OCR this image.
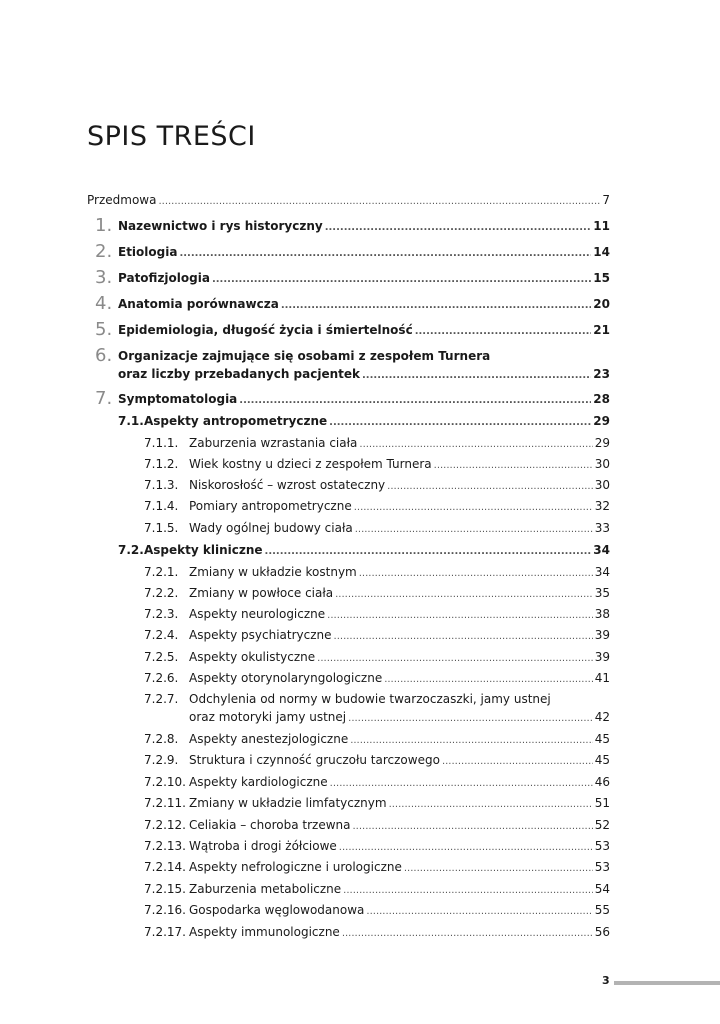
SPIS TREŚCI
Przedmowa .....	7
1. Nazewnictwo i rys historyczny .....	11
2. Etiologia .....	14
3. Patofizjologia .....	15
4. Anatomia porównawcza .....	20
5. Epidemiologia, długość życia i śmiertelność .....	21
6. Organizacje zajmujące się osobami z zespołem Turnera
oraz liczby przebadanych pacjentek .....	23
7. Symptomatologia .....	28
7.1. Aspekty antropometryczne .....	29
7.1.1. Zaburzenia wzrastania ciała .....	29
7.1.2. Wiek kostny u dzieci z zespołem Turnera .....	30
7.1.3. Niskorosłość – wzrost ostateczny .....	30
7.1.4. Pomiary antropometryczne .....	32
7.1.5. Wady ogólnej budowy ciała .....	33
7.2. Aspekty kliniczne .....	34
7.2.1. Zmiany w układzie kostnym .....	34
7.2.2. Zmiany w powłoce ciała .....	35
7.2.3. Aspekty neurologiczne .....	38
7.2.4. Aspekty psychiatryczne .....	39
7.2.5. Aspekty okulistyczne .....	39
7.2.6. Aspekty otorynolaryngologiczne .....	41
7.2.7. Odchylenia od normy w budowie twarzoczaszki, jamy ustnej
oraz motoryki jamy ustnej .....	42
7.2.8. Aspekty anestezjologiczne .....	45
7.2.9. Struktura i czynność gruczołu tarczowego .....	45
7.2.10. Aspekty kardiologiczne .....	46
7.2.11. Zmiany w układzie limfatycznym .....	51
7.2.12. Celiakia – choroba trzewna .....	52
7.2.13. Wątroba i drogi żółciowe .....	53
7.2.14. Aspekty nefrologiczne i urologiczne .....	53
7.2.15. Zaburzenia metaboliczne .....	54
7.2.16. Gospodarka węglowodanowa .....	55
7.2.17. Aspekty immunologiczne .....	56
3
